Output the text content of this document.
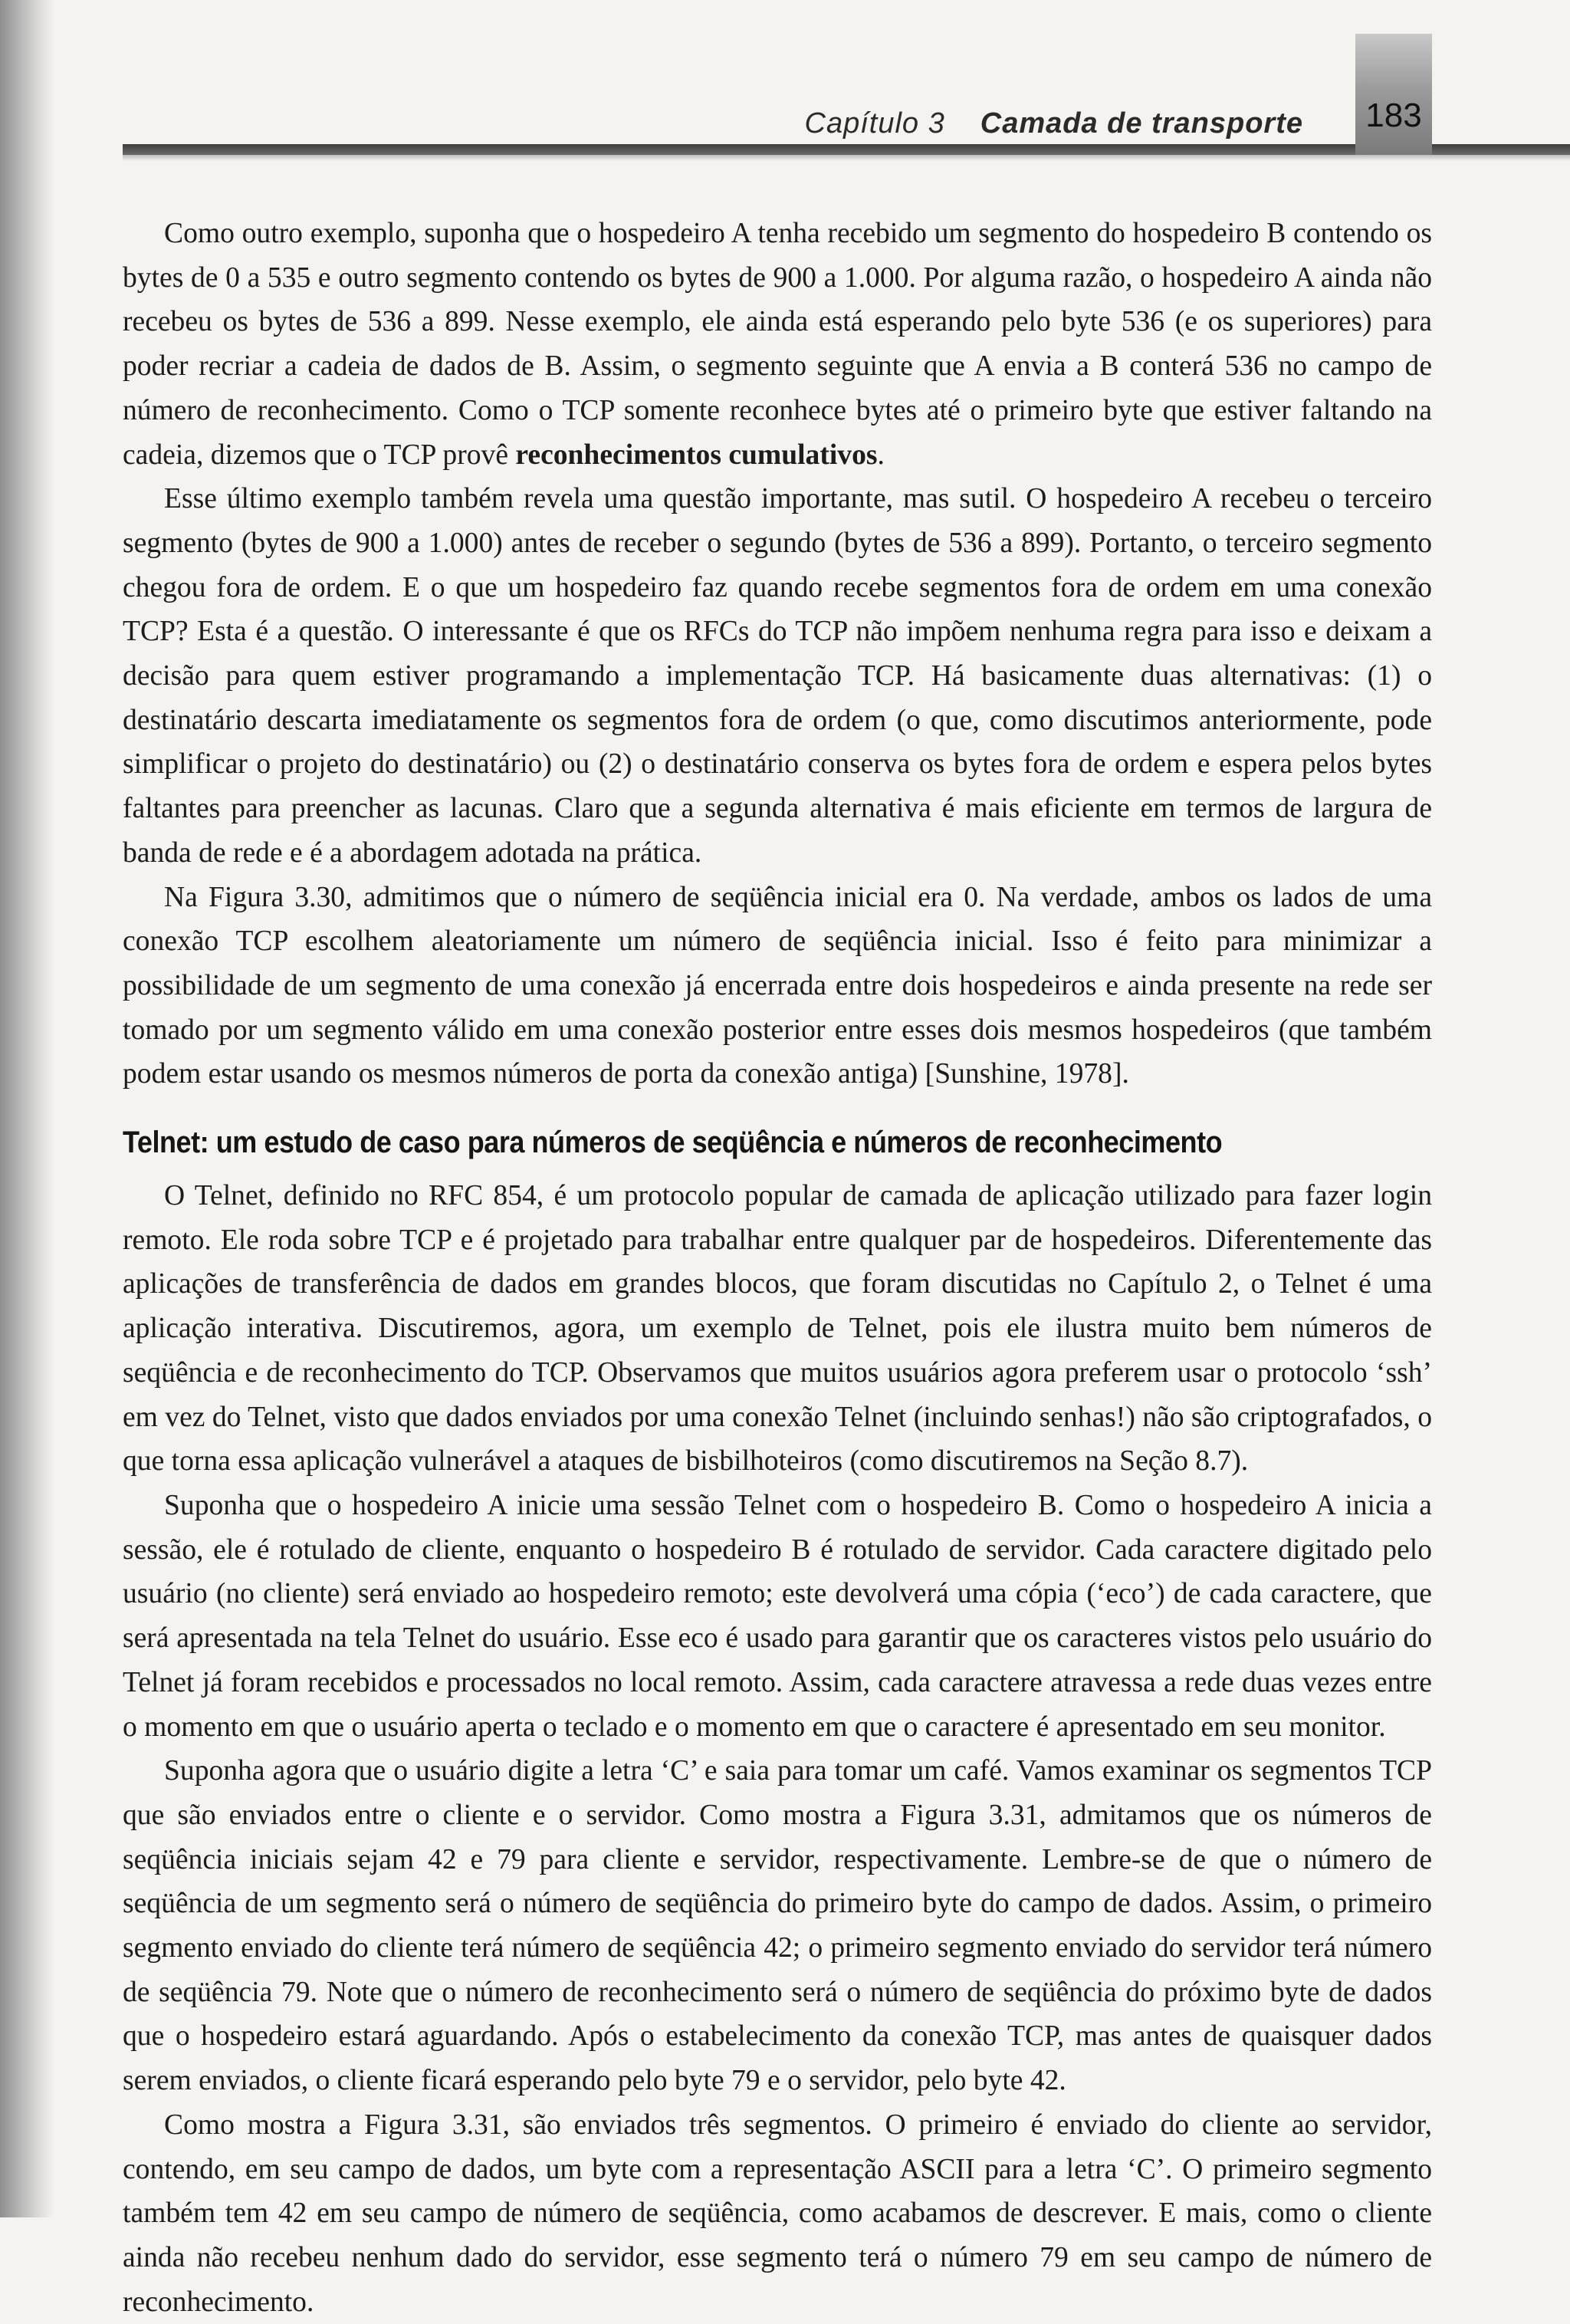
Capítulo 3 Camada de transporte	183

Como outro exemplo, suponha que o hospedeiro A tenha recebido um segmento do hospedeiro B contendo os bytes de 0 a 535 e outro segmento contendo os bytes de 900 a 1.000. Por alguma razão, o hospedeiro A ainda não recebeu os bytes de 536 a 899. Nesse exemplo, ele ainda está esperando pelo byte 536 (e os superiores) para poder recriar a cadeia de dados de B. Assim, o segmento seguinte que A envia a B conterá 536 no campo de número de reconhecimento. Como o TCP somente reconhece bytes até o primeiro byte que estiver faltando na cadeia, dizemos que o TCP provê reconhecimentos cumulativos.

Esse último exemplo também revela uma questão importante, mas sutil. O hospedeiro A recebeu o terceiro segmento (bytes de 900 a 1.000) antes de receber o segundo (bytes de 536 a 899). Portanto, o terceiro segmento chegou fora de ordem. E o que um hospedeiro faz quando recebe segmentos fora de ordem em uma conexão TCP? Esta é a questão. O interessante é que os RFCs do TCP não impõem nenhuma regra para isso e deixam a decisão para quem estiver programando a implementação TCP. Há basicamente duas alternativas: (1) o destinatário descarta imediatamente os segmentos fora de ordem (o que, como discutimos anteriormente, pode simplificar o projeto do destinatário) ou (2) o destinatário conserva os bytes fora de ordem e espera pelos bytes faltantes para preencher as lacunas. Claro que a segunda alternativa é mais eficiente em termos de largura de banda de rede e é a abordagem adotada na prática.

Na Figura 3.30, admitimos que o número de seqüência inicial era 0. Na verdade, ambos os lados de uma conexão TCP escolhem aleatoriamente um número de seqüência inicial. Isso é feito para minimizar a possibilidade de um segmento de uma conexão já encerrada entre dois hospedeiros e ainda presente na rede ser tomado por um segmento válido em uma conexão posterior entre esses dois mesmos hospedeiros (que também podem estar usando os mesmos números de porta da conexão antiga) [Sunshine, 1978].

Telnet: um estudo de caso para números de seqüência e números de reconhecimento

O Telnet, definido no RFC 854, é um protocolo popular de camada de aplicação utilizado para fazer login remoto. Ele roda sobre TCP e é projetado para trabalhar entre qualquer par de hospedeiros. Diferentemente das aplicações de transferência de dados em grandes blocos, que foram discutidas no Capítulo 2, o Telnet é uma aplicação interativa. Discutiremos, agora, um exemplo de Telnet, pois ele ilustra muito bem números de seqüência e de reconhecimento do TCP. Observamos que muitos usuários agora preferem usar o protocolo ‘ssh’ em vez do Telnet, visto que dados enviados por uma conexão Telnet (incluindo senhas!) não são criptografados, o que torna essa aplicação vulnerável a ataques de bisbilhoteiros (como discutiremos na Seção 8.7).

Suponha que o hospedeiro A inicie uma sessão Telnet com o hospedeiro B. Como o hospedeiro A inicia a sessão, ele é rotulado de cliente, enquanto o hospedeiro B é rotulado de servidor. Cada caractere digitado pelo usuário (no cliente) será enviado ao hospedeiro remoto; este devolverá uma cópia (‘eco’) de cada caractere, que será apresentada na tela Telnet do usuário. Esse eco é usado para garantir que os caracteres vistos pelo usuário do Telnet já foram recebidos e processados no local remoto. Assim, cada caractere atravessa a rede duas vezes entre o momento em que o usuário aperta o teclado e o momento em que o caractere é apresentado em seu monitor.

Suponha agora que o usuário digite a letra ‘C’ e saia para tomar um café. Vamos examinar os segmentos TCP que são enviados entre o cliente e o servidor. Como mostra a Figura 3.31, admitamos que os números de seqüência iniciais sejam 42 e 79 para cliente e servidor, respectivamente. Lembre-se de que o número de seqüência de um segmento será o número de seqüência do primeiro byte do campo de dados. Assim, o primeiro segmento enviado do cliente terá número de seqüência 42; o primeiro segmento enviado do servidor terá número de seqüência 79. Note que o número de reconhecimento será o número de seqüência do próximo byte de dados que o hospedeiro estará aguardando. Após o estabelecimento da conexão TCP, mas antes de quaisquer dados serem enviados, o cliente ficará esperando pelo byte 79 e o servidor, pelo byte 42.

Como mostra a Figura 3.31, são enviados três segmentos. O primeiro é enviado do cliente ao servidor, contendo, em seu campo de dados, um byte com a representação ASCII para a letra ‘C’. O primeiro segmento também tem 42 em seu campo de número de seqüência, como acabamos de descrever. E mais, como o cliente ainda não recebeu nenhum dado do servidor, esse segmento terá o número 79 em seu campo de número de reconhecimento.
